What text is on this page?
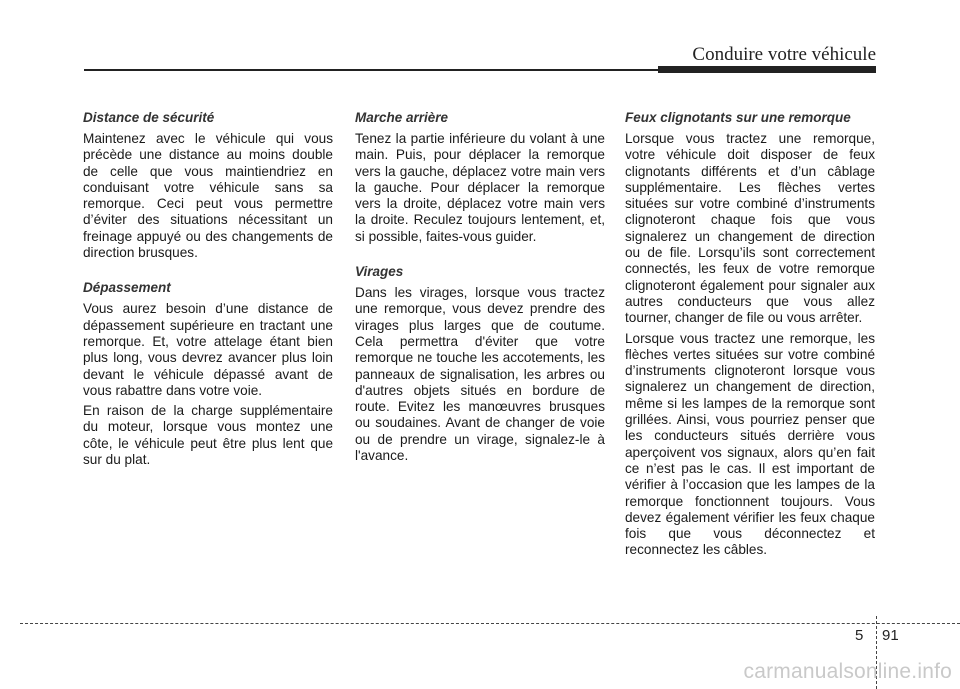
Conduire votre véhicule
Distance de sécurité

Maintenez avec le véhicule qui vous précède une distance au moins double de celle que vous maintiendriez en conduisant votre véhicule sans sa remorque. Ceci peut vous permettre d’éviter des situations nécessitant un freinage appuyé ou des changements de direction brusques.

Dépassement

Vous aurez besoin d’une distance de dépassement supérieure en tractant une remorque. Et, votre attelage étant bien plus long, vous devrez avancer plus loin devant le véhicule dépassé avant de vous rabattre dans votre voie.

En raison de la charge supplémentaire du moteur, lorsque vous montez une côte, le véhicule peut être plus lent que sur du plat.

Marche arrière

Tenez la partie inférieure du volant à une main. Puis, pour déplacer la remorque vers la gauche, déplacez votre main vers la gauche. Pour déplacer la remorque vers la droite, déplacez votre main vers la droite. Reculez toujours lentement, et, si possible, faites-vous guider.

Virages

Dans les virages, lorsque vous tractez une remorque, vous devez prendre des virages plus larges que de coutume. Cela permettra d'éviter que votre remorque ne touche les accotements, les panneaux de signalisation, les arbres ou d'autres objets situés en bordure de route. Evitez les manœuvres brusques ou soudaines. Avant de changer de voie ou de prendre un virage, signalez-le à l'avance.

Feux clignotants sur une remorque

Lorsque vous tractez une remorque, votre véhicule doit disposer de feux clignotants différents et d’un câblage supplémentaire. Les flèches vertes situées sur votre combiné d’instruments clignoteront chaque fois que vous signalerez un changement de direction ou de file. Lorsqu’ils sont correctement connectés, les feux de votre remorque clignoteront également pour signaler aux autres conducteurs que vous allez tourner, changer de file ou vous arrêter.

Lorsque vous tractez une remorque, les flèches vertes situées sur votre combiné d’instruments clignoteront lorsque vous signalerez un changement de direction, même si les lampes de la remorque sont grillées. Ainsi, vous pourriez penser que les conducteurs situés derrière vous aperçoivent vos signaux, alors qu’en fait ce n’est pas le cas. Il est important de vérifier à l’occasion que les lampes de la remorque fonctionnent toujours. Vous devez également vérifier les feux chaque fois que vous déconnectez et reconnectez les câbles.

5 91
carmanualsonline.info
